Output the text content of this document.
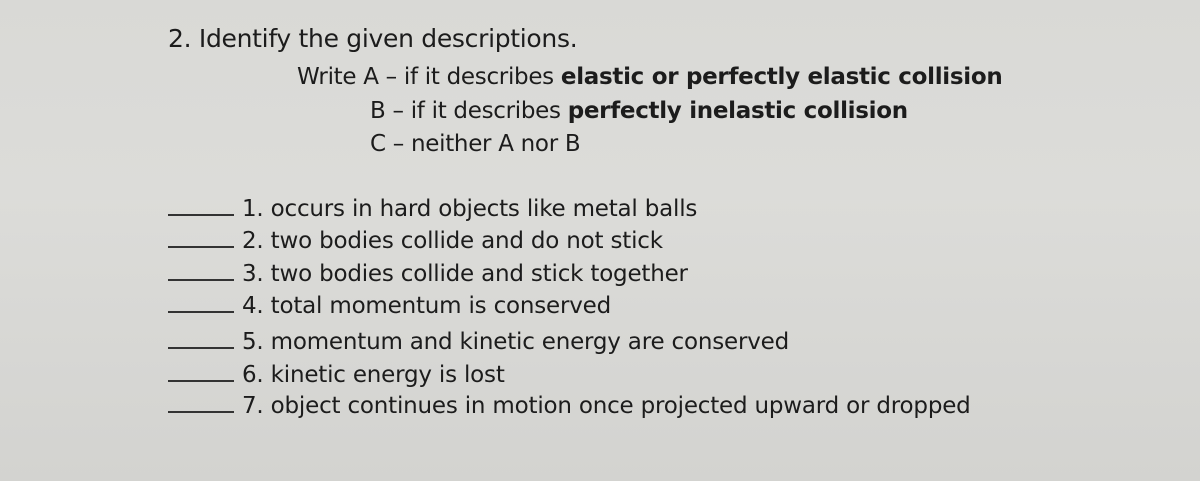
2. Identify the given descriptions.
Write A – if it describes elastic or perfectly elastic collision
B – if it describes perfectly inelastic collision
C – neither A nor B
1. occurs in hard objects like metal balls
2. two bodies collide and do not stick
3. two bodies collide and stick together
4. total momentum is conserved
5. momentum and kinetic energy are conserved
6. kinetic energy is lost
7. object continues in motion once projected upward or dropped
